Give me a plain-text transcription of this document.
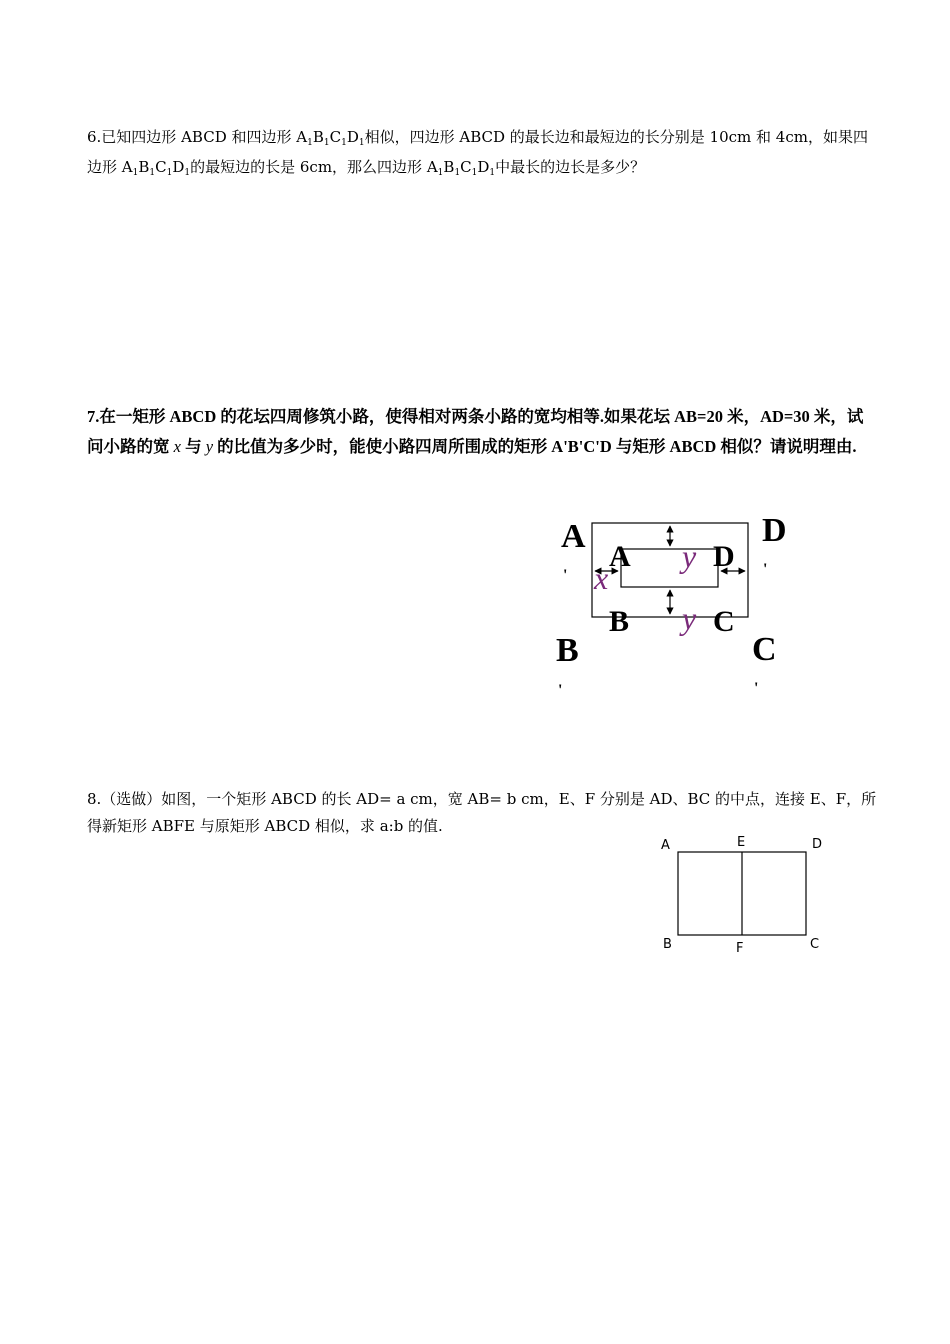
6.已知四边形 ABCD 和四边形 $A_1B_1C_1D_1$相似，四边形 ABCD 的最长边和最短边的长分别是 10cm 和 4cm，如果四边形 $A_1B_1C_1D_1$的最短边的长是 6cm，那么四边形 $A_1B_1C_1D_1$中最长的边长是多少？
7.在一矩形 ABCD 的花坛四周修筑小路，使得相对两条小路的宽均相等.如果花坛 AB=20 米，AD=30 米，试问小路的宽 x 与 y 的比值为多少时，能使小路四周所围成的矩形 A'B'C'D 与矩形 ABCD 相似？请说明理由.
8.（选做）如图，一个矩形 ABCD 的长 AD= a cm，宽 AB= b cm，E、F 分别是 AD、BC 的中点，连接 E、F，所得新矩形 ABFE 与原矩形 ABCD 相似，求 a:b 的值.
A	D
B	C
'	'
'	'
A	D
B	C
x
y
y
A	E	D
B	F	C
